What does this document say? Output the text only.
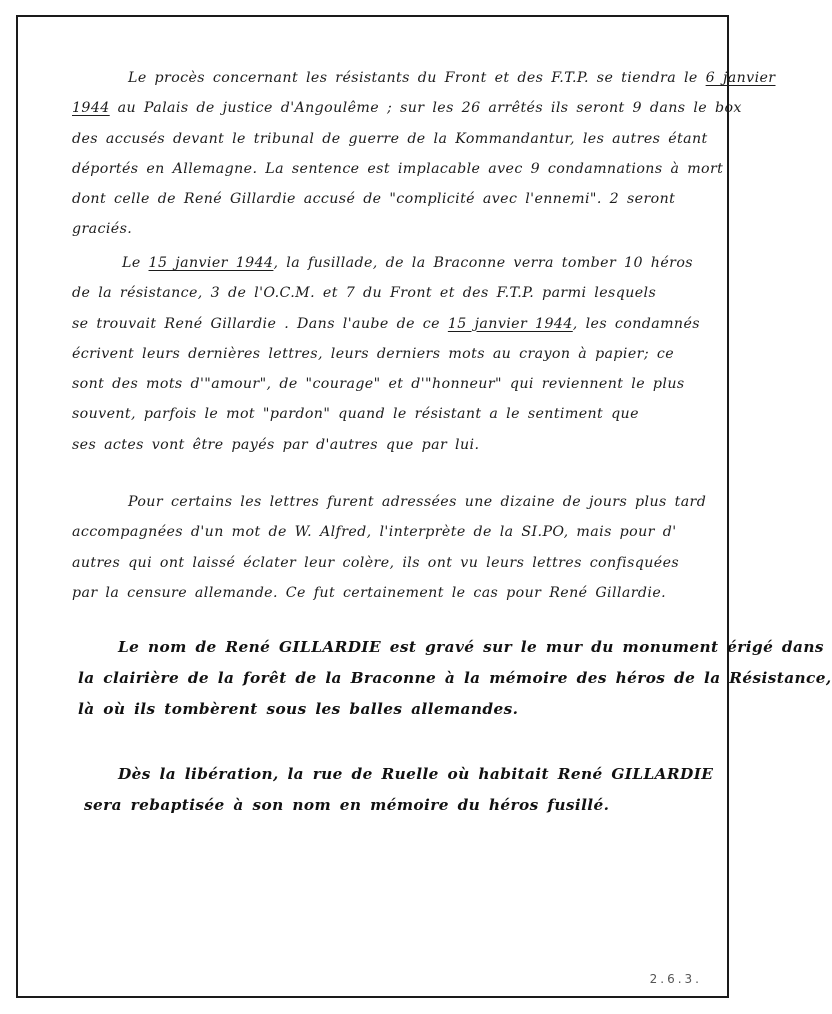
Le procès concernant les résistants du Front et des F.T.P. se tiendra le 6 janvier
1944 au Palais de justice d'Angoulême ; sur les 26 arrêtés ils seront 9 dans le box
des accusés devant le tribunal de guerre de la Kommandantur, les autres étant
déportés en Allemagne. La sentence est implacable avec 9 condamnations à mort
dont celle de René Gillardie accusé de "complicité avec l'ennemi". 2 seront
graciés.
Le 15 janvier 1944, la fusillade, de la Braconne verra tomber 10 héros
de la résistance, 3 de l'O.C.M. et 7 du Front et des F.T.P. parmi lesquels
se trouvait René Gillardie . Dans l'aube de ce 15 janvier 1944, les condamnés
écrivent leurs dernières lettres, leurs derniers mots au crayon à papier; ce
sont des mots d'"amour", de "courage" et d'"honneur" qui reviennent le plus
souvent, parfois le mot "pardon" quand le résistant a le sentiment que
ses actes vont être payés par d'autres que par lui.
Pour certains les lettres furent adressées une dizaine de jours plus tard
accompagnées d'un mot de W. Alfred, l'interprète de la SI.PO, mais pour d'
autres qui ont laissé éclater leur colère, ils ont vu leurs lettres confisquées
par la censure allemande. Ce fut certainement le cas pour René Gillardie.
Le nom de René GILLARDIE est gravé sur le mur du monument érigé dans
la clairière de la forêt de la Braconne à la mémoire des héros de la Résistance,
là où ils tombèrent sous les balles allemandes.
Dès la libération, la rue de Ruelle où habitait René GILLARDIE
sera rebaptisée à son nom en mémoire du héros fusillé.
2.6.3.
